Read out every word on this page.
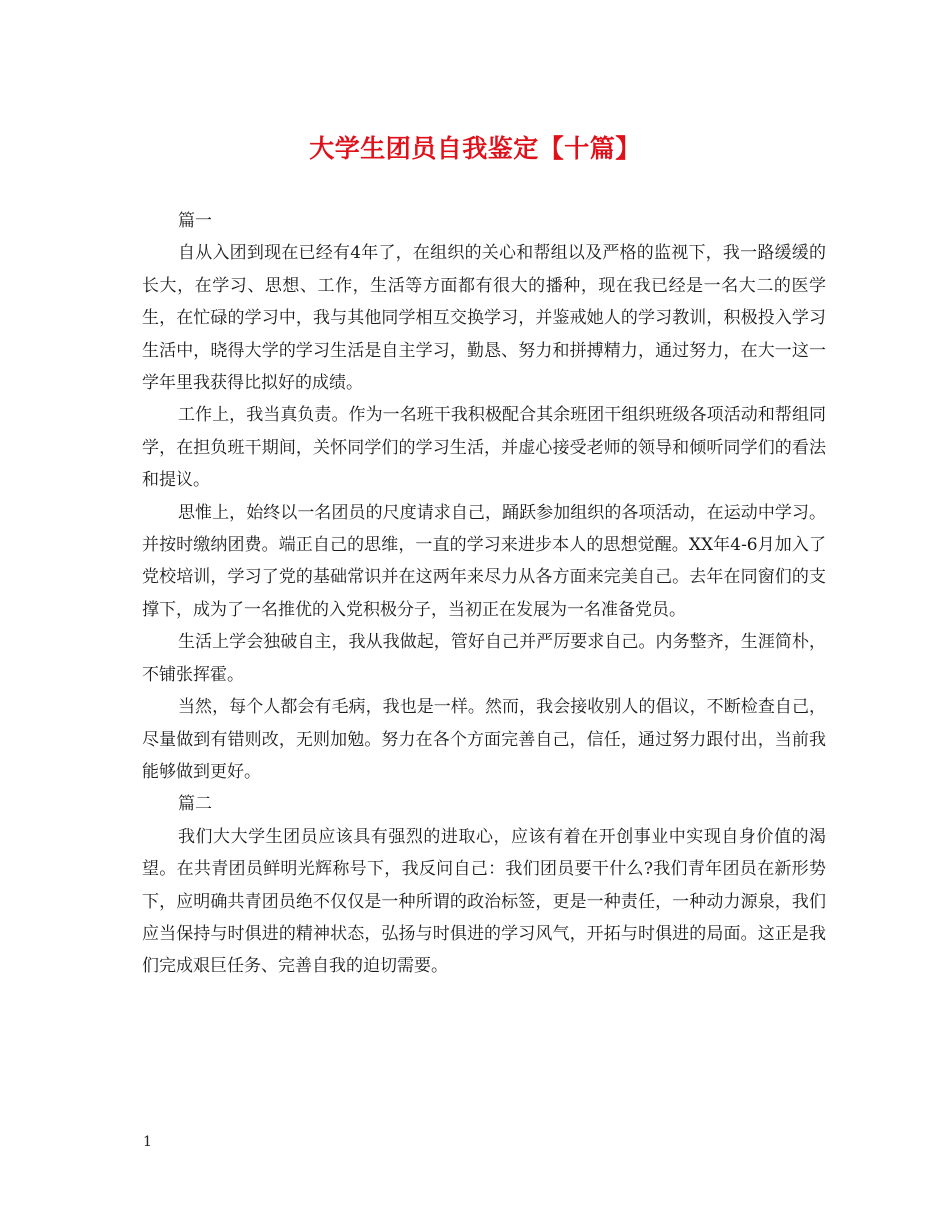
大学生团员自我鉴定【十篇】

篇一

自从入团到现在已经有4年了，在组织的关心和帮组以及严格的监视下，我一路缓缓的长大，在学习、思想、工作，生活等方面都有很大的播种，现在我已经是一名大二的医学生，在忙碌的学习中，我与其他同学相互交换学习，并鉴戒她人的学习教训，积极投入学习生活中，晓得大学的学习生活是自主学习，勤恳、努力和拼搏精力，通过努力，在大一这一学年里我获得比拟好的成绩。

工作上，我当真负责。作为一名班干我积极配合其余班团干组织班级各项活动和帮组同学，在担负班干期间，关怀同学们的学习生活，并虚心接受老师的领导和倾听同学们的看法和提议。

思惟上，始终以一名团员的尺度请求自己，踊跃参加组织的各项活动，在运动中学习。并按时缴纳团费。端正自己的思维，一直的学习来进步本人的思想觉醒。XX年4-6月加入了党校培训，学习了党的基础常识并在这两年来尽力从各方面来完美自己。去年在同窗们的支撑下，成为了一名推优的入党积极分子，当初正在发展为一名准备党员。

生活上学会独破自主，我从我做起，管好自己并严厉要求自己。内务整齐，生涯简朴，不铺张挥霍。

当然，每个人都会有毛病，我也是一样。然而，我会接收别人的倡议，不断检查自己，尽量做到有错则改，无则加勉。努力在各个方面完善自己，信任，通过努力跟付出，当前我能够做到更好。

篇二

我们大大学生团员应该具有强烈的进取心，应该有着在开创事业中实现自身价值的渴望。在共青团员鲜明光辉称号下，我反问自己：我们团员要干什么?我们青年团员在新形势下，应明确共青团员绝不仅仅是一种所谓的政治标签，更是一种责任，一种动力源泉，我们应当保持与时俱进的精神状态，弘扬与时俱进的学习风气，开拓与时俱进的局面。这正是我们完成艰巨任务、完善自我的迫切需要。

1
